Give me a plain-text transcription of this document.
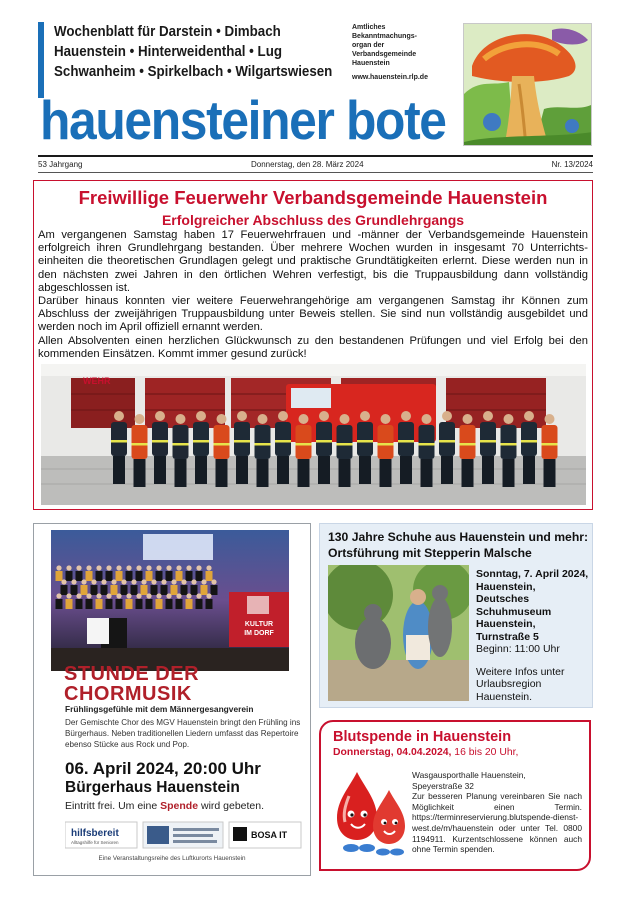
Wochenblatt für Darstein • Dimbach
Hauenstein • Hinterweidenthal • Lug
Schwanheim • Spirkelbach • Wilgartswiesen
Amtliches
Bekanntmachungs-
organ der
Verbandsgemeinde
Hauenstein
www.hauenstein.rlp.de
hauensteiner bote
53 Jahrgang	Donnerstag, den 28. März 2024	Nr. 13/2024
Freiwillige Feuerwehr Verbandsgemeinde Hauenstein
Erfolgreicher Abschluss des Grundlehrgangs

Am vergangenen Samstag haben 17 Feuerwehrfrauen und -männer der Verbandsgemeinde Hauenstein erfolgreich ihren Grundlehrgang bestanden. Über mehrere Wochen wurden in insgesamt 70 Unterrichts-einheiten die theoretischen Grundlagen gelegt und praktische Grundtätigkeiten erlernt. Diese werden nun in den nächsten zwei Jahren in den örtlichen Wehren verfestigt, bis die Truppausbildung dann vollständig abgeschlossen ist.

Darüber hinaus konnten vier weitere Feuerwehrangehörige am vergangenen Samstag ihr Können zum Abschluss der zweijährigen Truppausbildung unter Beweis stellen. Sie sind nun vollständig ausgebildet und werden noch im April offiziell ernannt werden.

Allen Absolventen einen herzlichen Glückwunsch zu den bestandenen Prüfungen und viel Erfolg bei den kommenden Einsätzen. Kommt immer gesund zurück!

WEHR
KULTUR
IM DORF
STUNDE DER
CHORMUSIK
Frühlingsgefühle mit dem Männergesangverein
Der Gemischte Chor des MGV Hauenstein bringt den Frühling ins Bürgerhaus. Neben traditionellen Liedern umfasst das Repertoire ebenso Stücke aus Rock und Pop.
06. April 2024, 20:00 Uhr
Bürgerhaus Hauenstein
Eintritt frei. Um eine Spende wird gebeten.
hilfsbereit
Alltagshilfe für Senioren
BOSA IT
Eine Veranstaltungsreihe des Luftkurorts Hauenstein
130 Jahre Schuhe aus Hauenstein und mehr: Ortsführung mit Stepperin Malsche
Sonntag, 7. April 2024,
Hauenstein,
Deutsches
Schuhmuseum
Hauenstein,
Turnstraße 5
Beginn: 11:00 Uhr
Weitere Infos unter
Urlaubsregion
Hauenstein.
Blutspende in Hauenstein
Donnerstag, 04.04.2024, 16 bis 20 Uhr,
Wasgausporthalle Hauenstein,
Speyerstraße 32
Zur besseren Planung vereinbaren Sie nach Möglichkeit einen Termin. https://terminreservierung.blutspende-dienst-west.de/m/hauenstein oder unter Tel. 0800 1194911. Kurzentschlossene können auch ohne Termin spenden.
